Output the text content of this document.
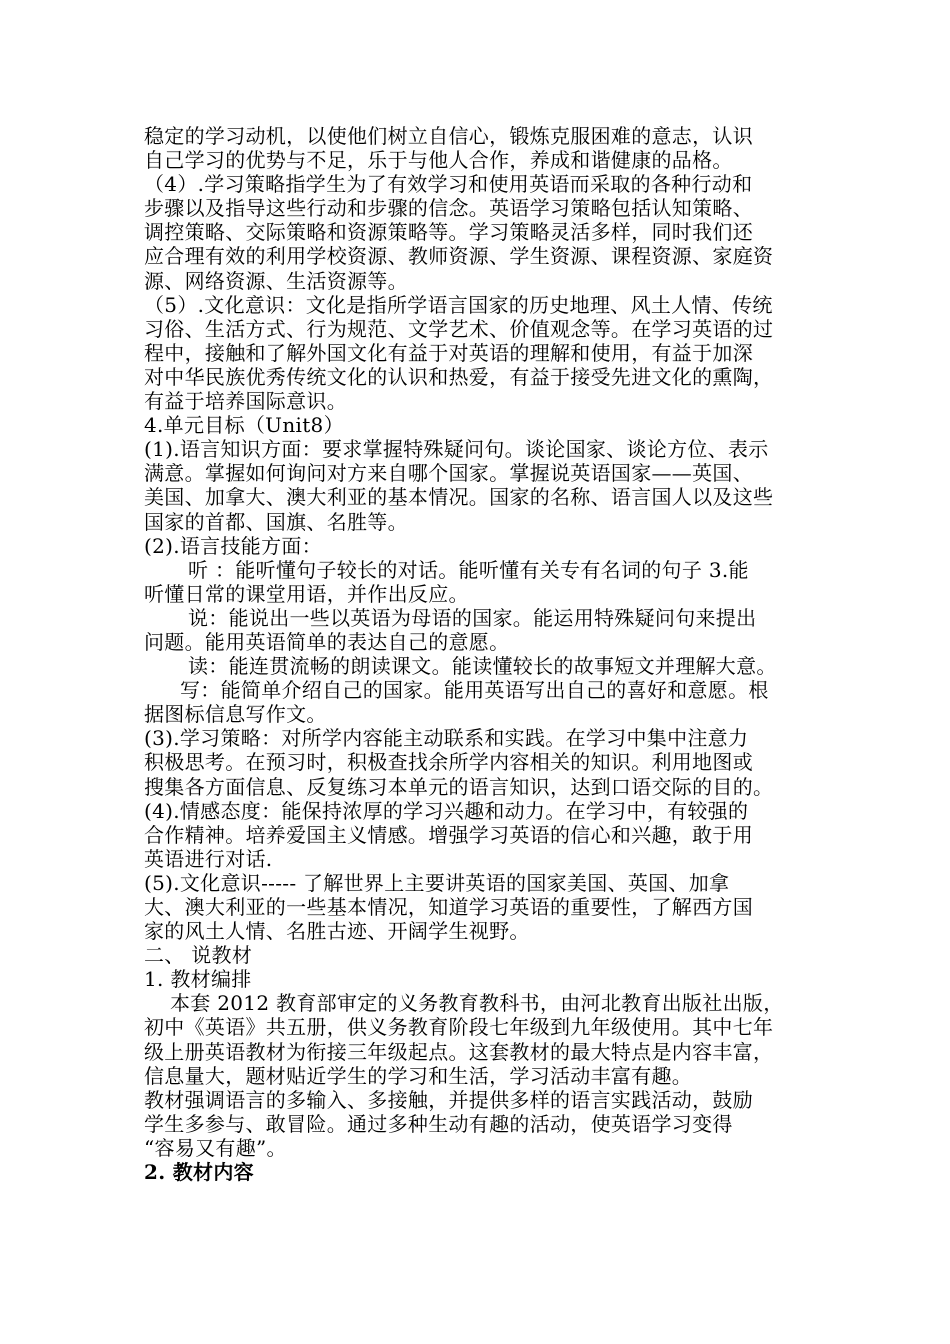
稳定的学习动机，以使他们树立自信心，锻炼克服困难的意志，认识
自己学习的优势与不足，乐于与他人合作，养成和谐健康的品格。
（4）.学习策略指学生为了有效学习和使用英语而采取的各种行动和
步骤以及指导这些行动和步骤的信念。英语学习策略包括认知策略、
调控策略、交际策略和资源策略等。学习策略灵活多样，同时我们还
应合理有效的利用学校资源、教师资源、学生资源、课程资源、家庭资
源、网络资源、生活资源等。
（5）.文化意识：文化是指所学语言国家的历史地理、风土人情、传统
习俗、生活方式、行为规范、文学艺术、价值观念等。在学习英语的过
程中，接触和了解外国文化有益于对英语的理解和使用，有益于加深
对中华民族优秀传统文化的认识和热爱，有益于接受先进文化的熏陶，
有益于培养国际意识。
4.单元目标（Unit8）
(1).语言知识方面：要求掌握特殊疑问句。谈论国家、谈论方位、表示
满意。掌握如何询问对方来自哪个国家。掌握说英语国家——英国、
美国、加拿大、澳大利亚的基本情况。国家的名称、语言国人以及这些
国家的首都、国旗、名胜等。
(2).语言技能方面：
听 ：能听懂句子较长的对话。能听懂有关专有名词的句子 3.能
听懂日常的课堂用语，并作出反应。
说：能说出一些以英语为母语的国家。能运用特殊疑问句来提出
问题。能用英语简单的表达自己的意愿。
读：能连贯流畅的朗读课文。能读懂较长的故事短文并理解大意。
写：能简单介绍自己的国家。能用英语写出自己的喜好和意愿。根
据图标信息写作文。
(3).学习策略：对所学内容能主动联系和实践。在学习中集中注意力
积极思考。在预习时，积极查找余所学内容相关的知识。利用地图或
搜集各方面信息、反复练习本单元的语言知识，达到口语交际的目的。
(4).情感态度：能保持浓厚的学习兴趣和动力。在学习中，有较强的
合作精神。培养爱国主义情感。增强学习英语的信心和兴趣，敢于用
英语进行对话.
(5).文化意识----- 了解世界上主要讲英语的国家美国、英国、加拿
大、澳大利亚的一些基本情况，知道学习英语的重要性，了解西方国
家的风土人情、名胜古迹、开阔学生视野。
二、 说教材
1. 教材编排
本套 2012 教育部审定的义务教育教科书，由河北教育出版社出版，
初中《英语》共五册，供义务教育阶段七年级到九年级使用。其中七年
级上册英语教材为衔接三年级起点。这套教材的最大特点是内容丰富，
信息量大，题材贴近学生的学习和生活，学习活动丰富有趣。
教材强调语言的多输入、多接触，并提供多样的语言实践活动，鼓励
学生多参与、敢冒险。通过多种生动有趣的活动，使英语学习变得
“容易又有趣”。
2. 教材内容
